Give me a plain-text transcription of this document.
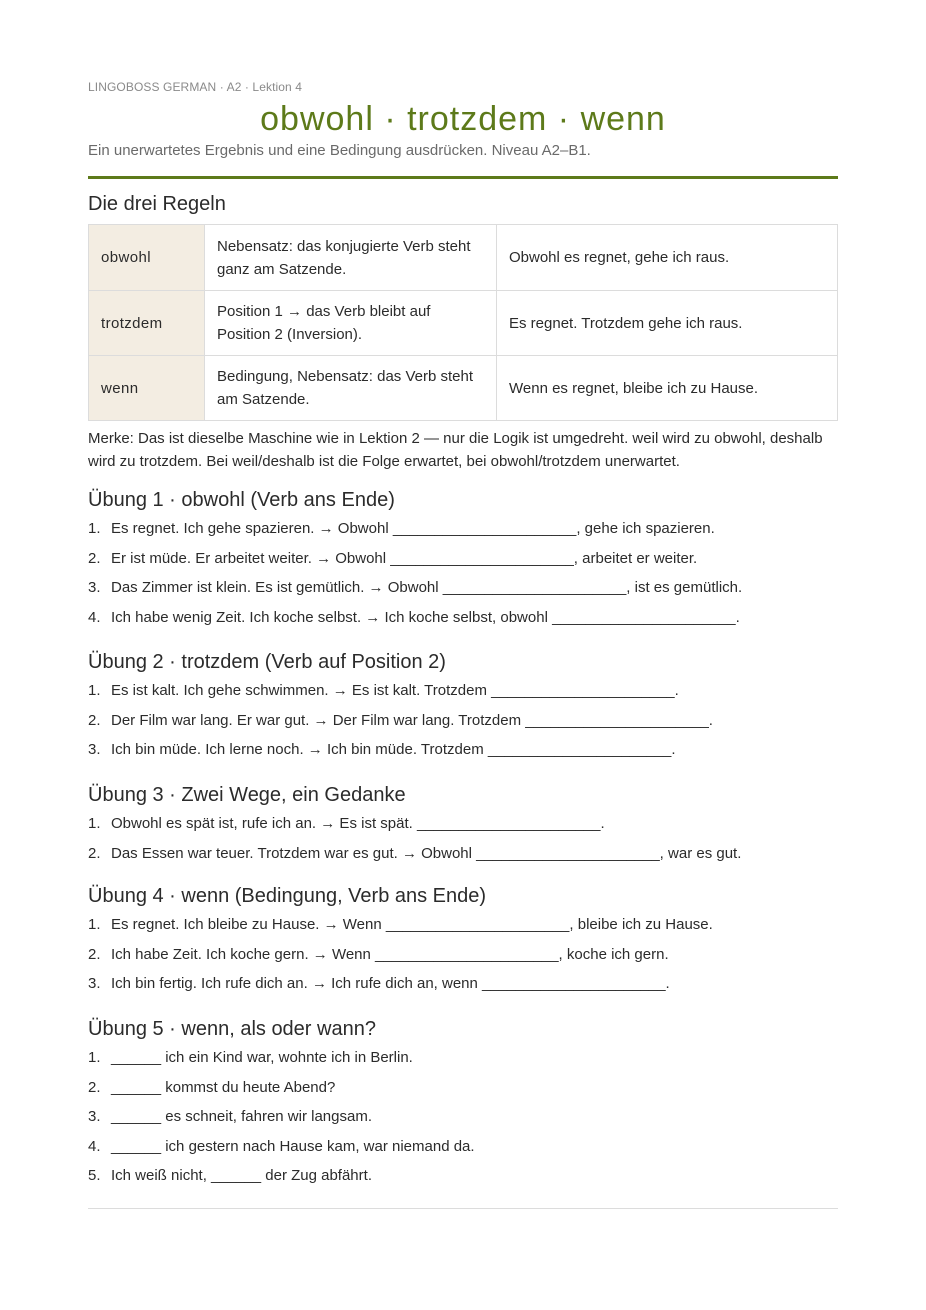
LINGOBOSS GERMAN · A2 · Lektion 4
obwohl · trotzdem · wenn
Ein unerwartetes Ergebnis und eine Bedingung ausdrücken. Niveau A2–B1.
Die drei Regeln
obwohl	Nebensatz: das konjugierte Verb steht ganz am Satzende.	Obwohl es regnet, gehe ich raus.
trotzdem	Position 1 → das Verb bleibt auf Position 2 (Inversion).	Es regnet. Trotzdem gehe ich raus.
wenn	Bedingung, Nebensatz: das Verb steht am Satzende.	Wenn es regnet, bleibe ich zu Hause.
Merke: Das ist dieselbe Maschine wie in Lektion 2 — nur die Logik ist umgedreht. weil wird zu obwohl, deshalb wird zu trotzdem. Bei weil/deshalb ist die Folge erwartet, bei obwohl/trotzdem unerwartet.
Übung 1 · obwohl (Verb ans Ende)
1. Es regnet. Ich gehe spazieren. → Obwohl ______________________, gehe ich spazieren.
2. Er ist müde. Er arbeitet weiter. → Obwohl ______________________, arbeitet er weiter.
3. Das Zimmer ist klein. Es ist gemütlich. → Obwohl ______________________, ist es gemütlich.
4. Ich habe wenig Zeit. Ich koche selbst. → Ich koche selbst, obwohl ______________________.
Übung 2 · trotzdem (Verb auf Position 2)
1. Es ist kalt. Ich gehe schwimmen. → Es ist kalt. Trotzdem ______________________.
2. Der Film war lang. Er war gut. → Der Film war lang. Trotzdem ______________________.
3. Ich bin müde. Ich lerne noch. → Ich bin müde. Trotzdem ______________________.
Übung 3 · Zwei Wege, ein Gedanke
1. Obwohl es spät ist, rufe ich an. → Es ist spät. ______________________.
2. Das Essen war teuer. Trotzdem war es gut. → Obwohl ______________________, war es gut.
Übung 4 · wenn (Bedingung, Verb ans Ende)
1. Es regnet. Ich bleibe zu Hause. → Wenn ______________________, bleibe ich zu Hause.
2. Ich habe Zeit. Ich koche gern. → Wenn ______________________, koche ich gern.
3. Ich bin fertig. Ich rufe dich an. → Ich rufe dich an, wenn ______________________.
Übung 5 · wenn, als oder wann?
1. ______ ich ein Kind war, wohnte ich in Berlin.
2. ______ kommst du heute Abend?
3. ______ es schneit, fahren wir langsam.
4. ______ ich gestern nach Hause kam, war niemand da.
5. Ich weiß nicht, ______ der Zug abfährt.
